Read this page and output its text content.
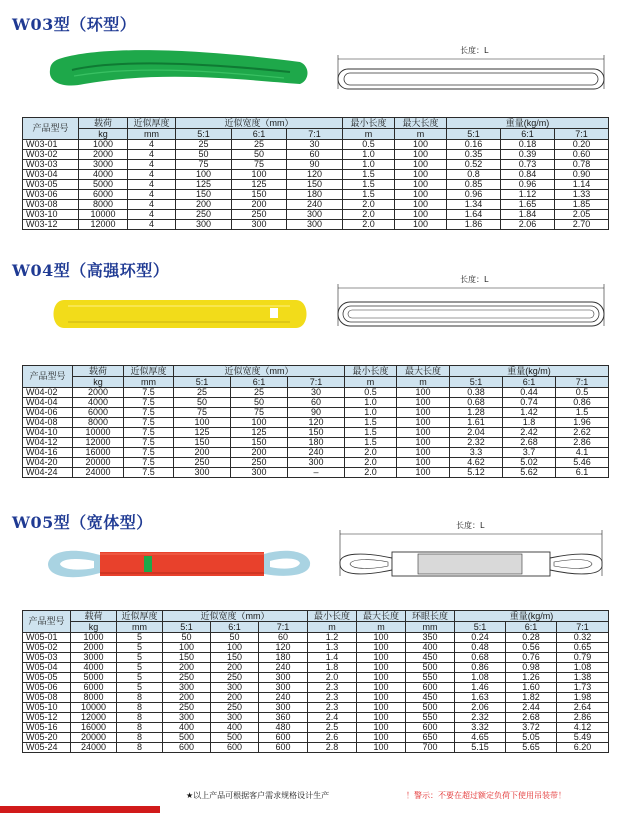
W03型（环型）
长度：L
产品型号	载荷	近似厚度	近似宽度（mm）			最小长度	最大长度	重量(kg/m)		
	kg	mm	5:1	6:1	7:1	m	m	5:1	6:1	7:1
W03-01	1000	4	25	25	30	0.5	100	0.16	0.18	0.20
W03-02	2000	4	50	50	60	1.0	100	0.35	0.39	0.60
W03-03	3000	4	75	75	90	1.0	100	0.52	0.73	0.78
W03-04	4000	4	100	100	120	1.5	100	0.8	0.84	0.90
W03-05	5000	4	125	125	150	1.5	100	0.85	0.96	1.14
W03-06	6000	4	150	150	180	1.5	100	0.96	1.12	1.33
W03-08	8000	4	200	200	240	2.0	100	1.34	1.65	1.85
W03-10	10000	4	250	250	300	2.0	100	1.64	1.84	2.05
W03-12	12000	4	300	300	300	2.0	100	1.86	2.06	2.70
W04型（高强环型）	长度：L
产品型号	载荷	近似厚度	近似宽度（mm）			最小长度	最大长度	重量(kg/m)		
	kg	mm	5:1	6:1	7:1	m	m	5:1	6:1	7:1
W04-02	2000	7.5	25	25	30	0.5	100	0.38	0.44	0.5
W04-04	4000	7.5	50	50	60	1.0	100	0.68	0.74	0.86
W04-06	6000	7.5	75	75	90	1.0	100	1.28	1.42	1.5
W04-08	8000	7.5	100	100	120	1.5	100	1.61	1.8	1.96
W04-10	10000	7.5	125	125	150	1.5	100	2.04	2.42	2.62
W04-12	12000	7.5	150	150	180	1.5	100	2.32	2.68	2.86
W04-16	16000	7.5	200	200	240	2.0	100	3.3	3.7	4.1
W04-20	20000	7.5	250	250	300	2.0	100	4.62	5.02	5.46
W04-24	24000	7.5	300	300	–	2.0	100	5.12	5.62	6.1
W05型（宽体型）	长度：L
产品型号	载荷	近似厚度	近似宽度（mm）			最小长度	最大长度	环眼长度	重量(kg/m)		
	kg	mm	5:1	6:1	7:1	m	m	mm	5:1	6:1	7:1
W05-01	1000	5	50	50	60	1.2	100	350	0.24	0.28	0.32
W05-02	2000	5	100	100	120	1.3	100	400	0.48	0.56	0.65
W05-03	3000	5	150	150	180	1.4	100	450	0.68	0.76	0.79
W05-04	4000	5	200	200	240	1.8	100	500	0.86	0.98	1.08
W05-05	5000	5	250	250	300	2.0	100	550	1.08	1.26	1.38
W05-06	6000	5	300	300	300	2.3	100	600	1.46	1.60	1.73
W05-08	8000	8	200	200	240	2.3	100	450	1.63	1.82	1.98
W05-10	10000	8	250	250	300	2.3	100	500	2.06	2.44	2.64
W05-12	12000	8	300	300	360	2.4	100	550	2.32	2.68	2.86
W05-16	16000	8	400	400	480	2.5	100	600	3.32	3.72	4.12
W05-20	20000	8	500	500	600	2.6	100	650	4.65	5.05	5.49
W05-24	24000	8	600	600	600	2.8	100	700	5.15	5.65	6.20
★以上产品可根据客户需求规格设计生产	！警示：不要在超过额定负荷下使用吊装带！
